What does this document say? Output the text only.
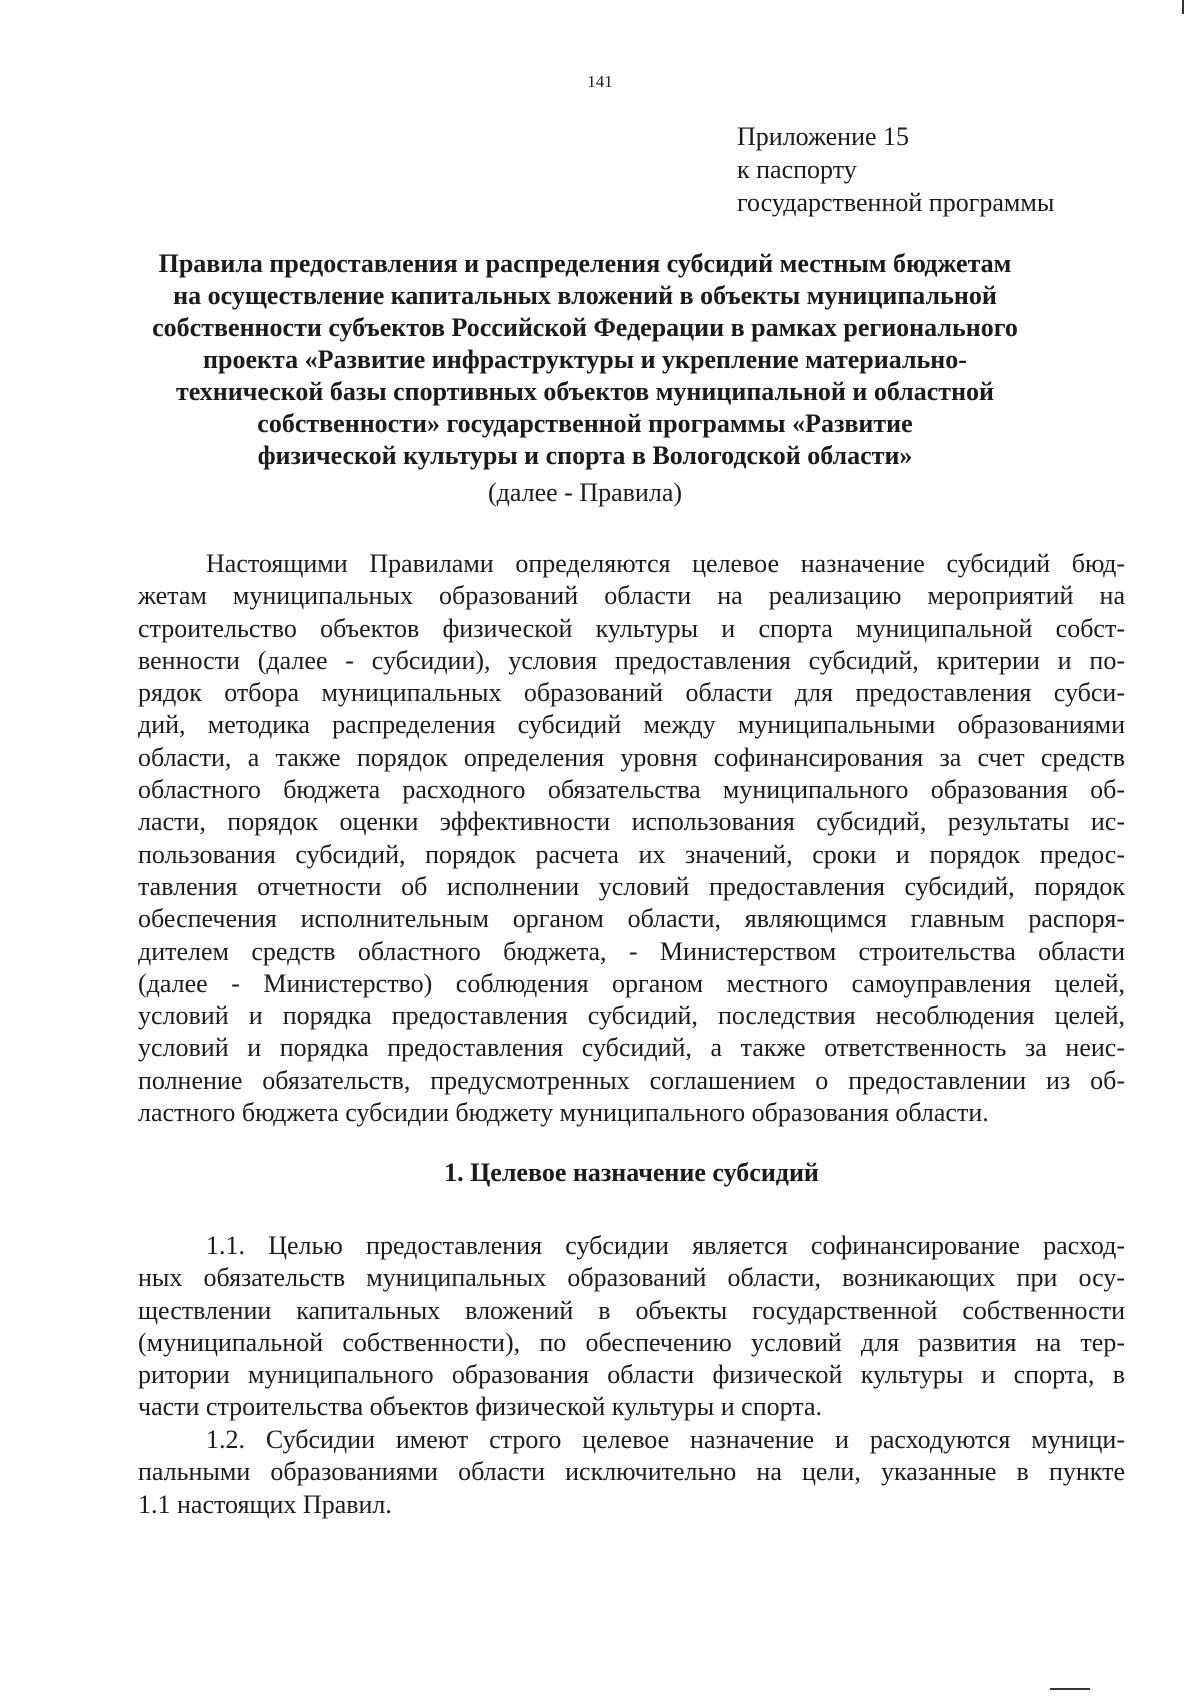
141
Приложение 15
к паспорту
государственной программы
Правила предоставления и распределения субсидий местным бюджетам
на осуществление капитальных вложений в объекты муниципальной
собственности субъектов Российской Федерации в рамках регионального
проекта «Развитие инфраструктуры и укрепление материально-
технической базы спортивных объектов муниципальной и областной
собственности» государственной программы «Развитие
физической культуры и спорта в Вологодской области»
(далее - Правила)
Настоящими Правилами определяются целевое назначение субсидий бюд-
жетам муниципальных образований области на реализацию мероприятий на
строительство объектов физической культуры и спорта муниципальной собст-
венности (далее - субсидии), условия предоставления субсидий, критерии и по-
рядок отбора муниципальных образований области для предоставления субси-
дий, методика распределения субсидий между муниципальными образованиями
области, а также порядок определения уровня софинансирования за счет средств
областного бюджета расходного обязательства муниципального образования об-
ласти, порядок оценки эффективности использования субсидий, результаты ис-
пользования субсидий, порядок расчета их значений, сроки и порядок предос-
тавления отчетности об исполнении условий предоставления субсидий, порядок
обеспечения исполнительным органом области, являющимся главным распоря-
дителем средств областного бюджета, - Министерством строительства области
(далее - Министерство) соблюдения органом местного самоуправления целей,
условий и порядка предоставления субсидий, последствия несоблюдения целей,
условий и порядка предоставления субсидий, а также ответственность за неис-
полнение обязательств, предусмотренных соглашением о предоставлении из об-
ластного бюджета субсидии бюджету муниципального образования области.
1. Целевое назначение субсидий
1.1. Целью предоставления субсидии является софинансирование расход-
ных обязательств муниципальных образований области, возникающих при осу-
ществлении капитальных вложений в объекты государственной собственности
(муниципальной собственности), по обеспечению условий для развития на тер-
ритории муниципального образования области физической культуры и спорта, в
части строительства объектов физической культуры и спорта.
1.2. Субсидии имеют строго целевое назначение и расходуются муници-
пальными образованиями области исключительно на цели, указанные в пункте
1.1 настоящих Правил.
